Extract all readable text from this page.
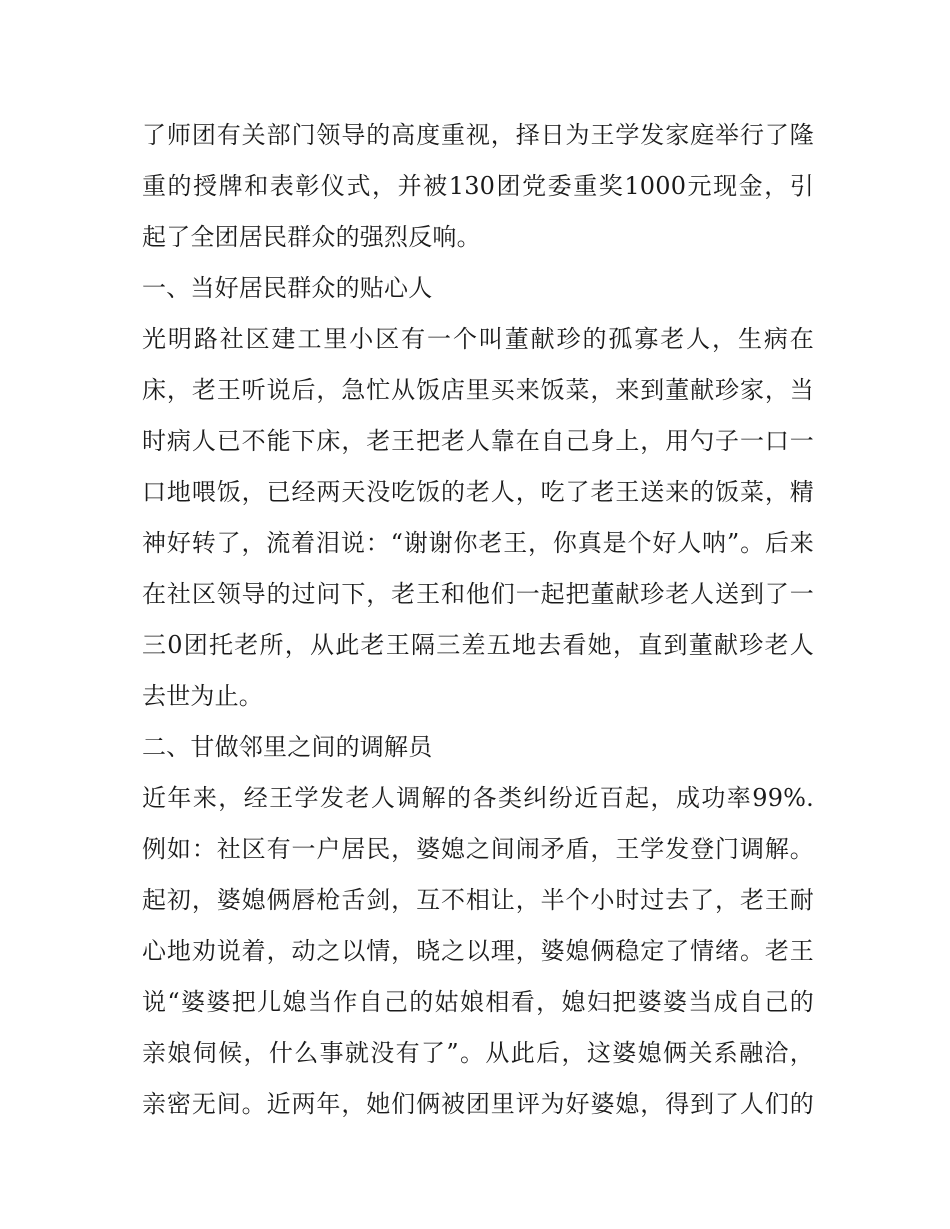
了师团有关部门领导的高度重视，择日为王学发家庭举行了隆
重的授牌和表彰仪式，并被130团党委重奖1000元现金，引
起了全团居民群众的强烈反响。
一、当好居民群众的贴心人
光明路社区建工里小区有一个叫董献珍的孤寡老人，生病在
床，老王听说后，急忙从饭店里买来饭菜，来到董献珍家，当
时病人已不能下床，老王把老人靠在自己身上，用勺子一口一
口地喂饭，已经两天没吃饭的老人，吃了老王送来的饭菜，精
神好转了，流着泪说：“谢谢你老王，你真是个好人呐”。后来
在社区领导的过问下，老王和他们一起把董献珍老人送到了一
三0团托老所，从此老王隔三差五地去看她，直到董献珍老人
去世为止。
二、甘做邻里之间的调解员
近年来，经王学发老人调解的各类纠纷近百起，成功率99%.
例如：社区有一户居民，婆媳之间闹矛盾，王学发登门调解。
起初，婆媳俩唇枪舌剑，互不相让，半个小时过去了，老王耐
心地劝说着，动之以情，晓之以理，婆媳俩稳定了情绪。老王
说“婆婆把儿媳当作自己的姑娘相看，媳妇把婆婆当成自己的
亲娘伺候，什么事就没有了”。从此后，这婆媳俩关系融洽，
亲密无间。近两年，她们俩被团里评为好婆媳，得到了人们的
